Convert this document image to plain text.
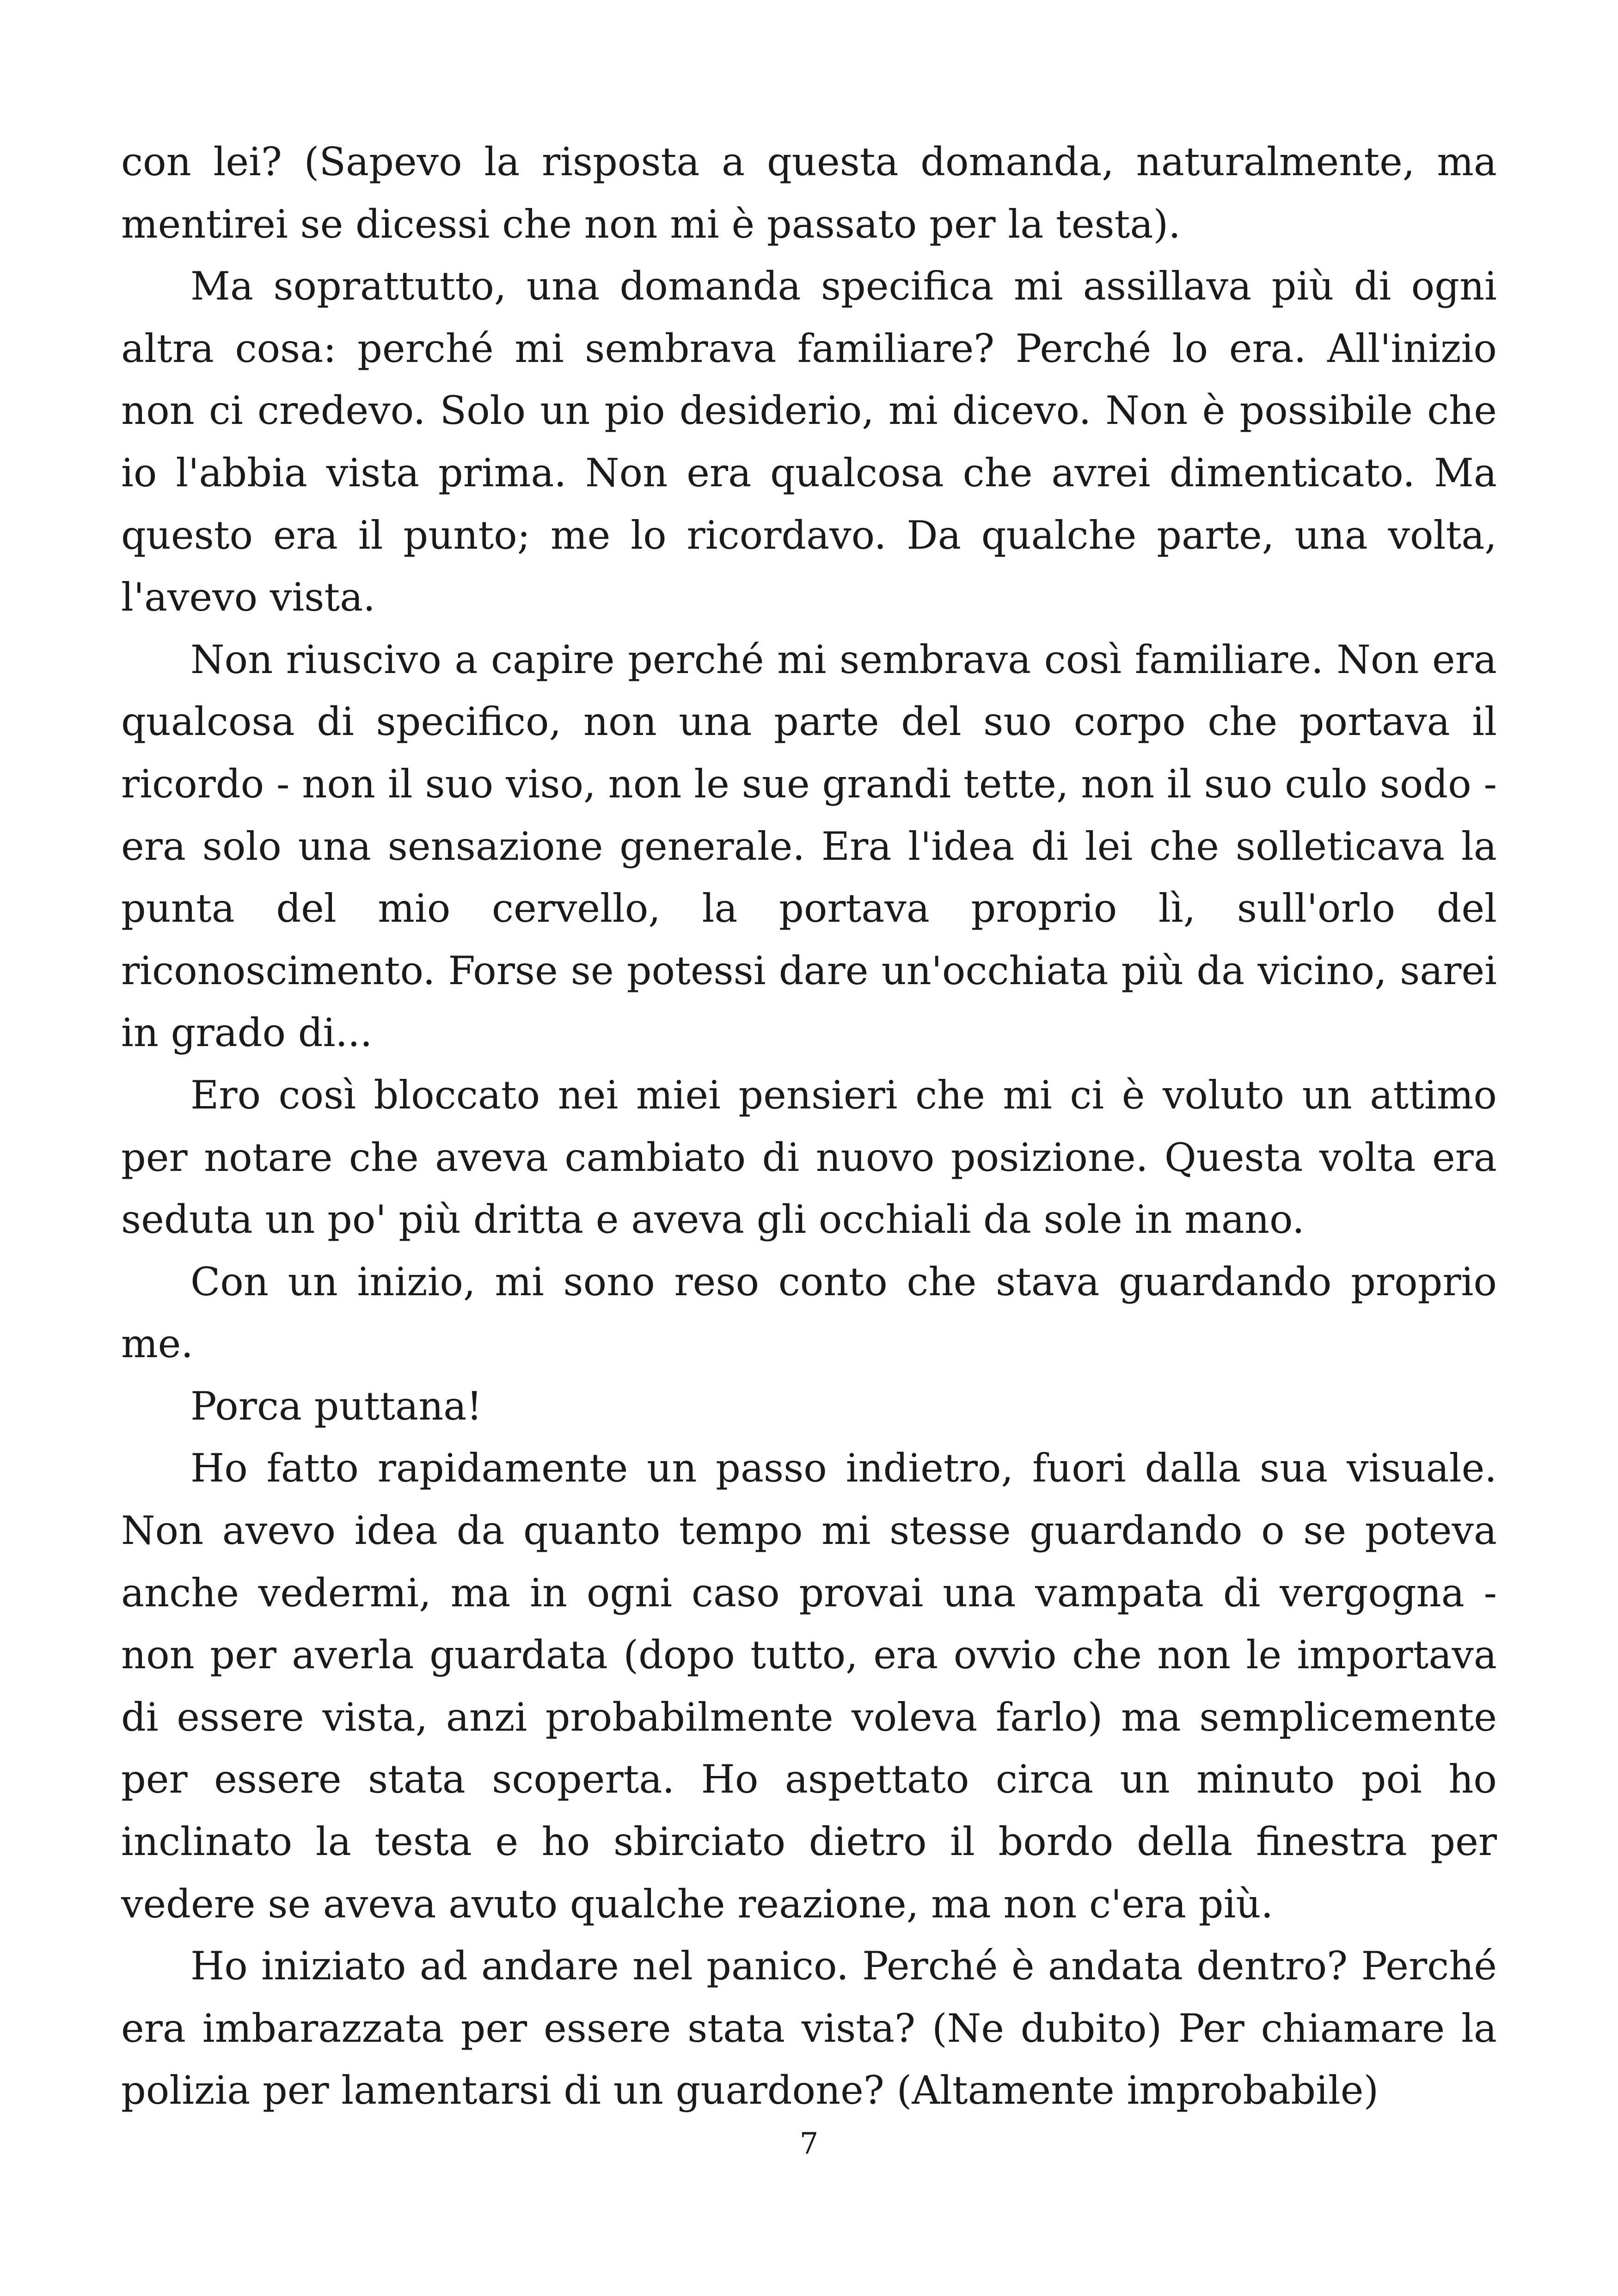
con lei? (Sapevo la risposta a questa domanda, naturalmente, ma mentirei se dicessi che non mi è passato per la testa).

Ma soprattutto, una domanda specifica mi assillava più di ogni altra cosa: perché mi sembrava familiare? Perché lo era. All'inizio non ci credevo. Solo un pio desiderio, mi dicevo. Non è possibile che io l'abbia vista prima. Non era qualcosa che avrei dimenticato. Ma questo era il punto; me lo ricordavo. Da qualche parte, una volta, l'avevo vista.

Non riuscivo a capire perché mi sembrava così familiare. Non era qualcosa di specifico, non una parte del suo corpo che portava il ricordo - non il suo viso, non le sue grandi tette, non il suo culo sodo - era solo una sensazione generale. Era l'idea di lei che solleticava la punta del mio cervello, la portava proprio lì, sull'orlo del riconoscimento. Forse se potessi dare un'occhiata più da vicino, sarei in grado di...

Ero così bloccato nei miei pensieri che mi ci è voluto un attimo per notare che aveva cambiato di nuovo posizione. Questa volta era seduta un po' più dritta e aveva gli occhiali da sole in mano.

Con un inizio, mi sono reso conto che stava guardando proprio me.

Porca puttana!

Ho fatto rapidamente un passo indietro, fuori dalla sua visuale. Non avevo idea da quanto tempo mi stesse guardando o se poteva anche vedermi, ma in ogni caso provai una vampata di vergogna - non per averla guardata (dopo tutto, era ovvio che non le importava di essere vista, anzi probabilmente voleva farlo) ma semplicemente per essere stata scoperta. Ho aspettato circa un minuto poi ho inclinato la testa e ho sbirciato dietro il bordo della finestra per vedere se aveva avuto qualche reazione, ma non c'era più.

Ho iniziato ad andare nel panico. Perché è andata dentro? Perché era imbarazzata per essere stata vista? (Ne dubito) Per chiamare la polizia per lamentarsi di un guardone? (Altamente improbabile)

7
